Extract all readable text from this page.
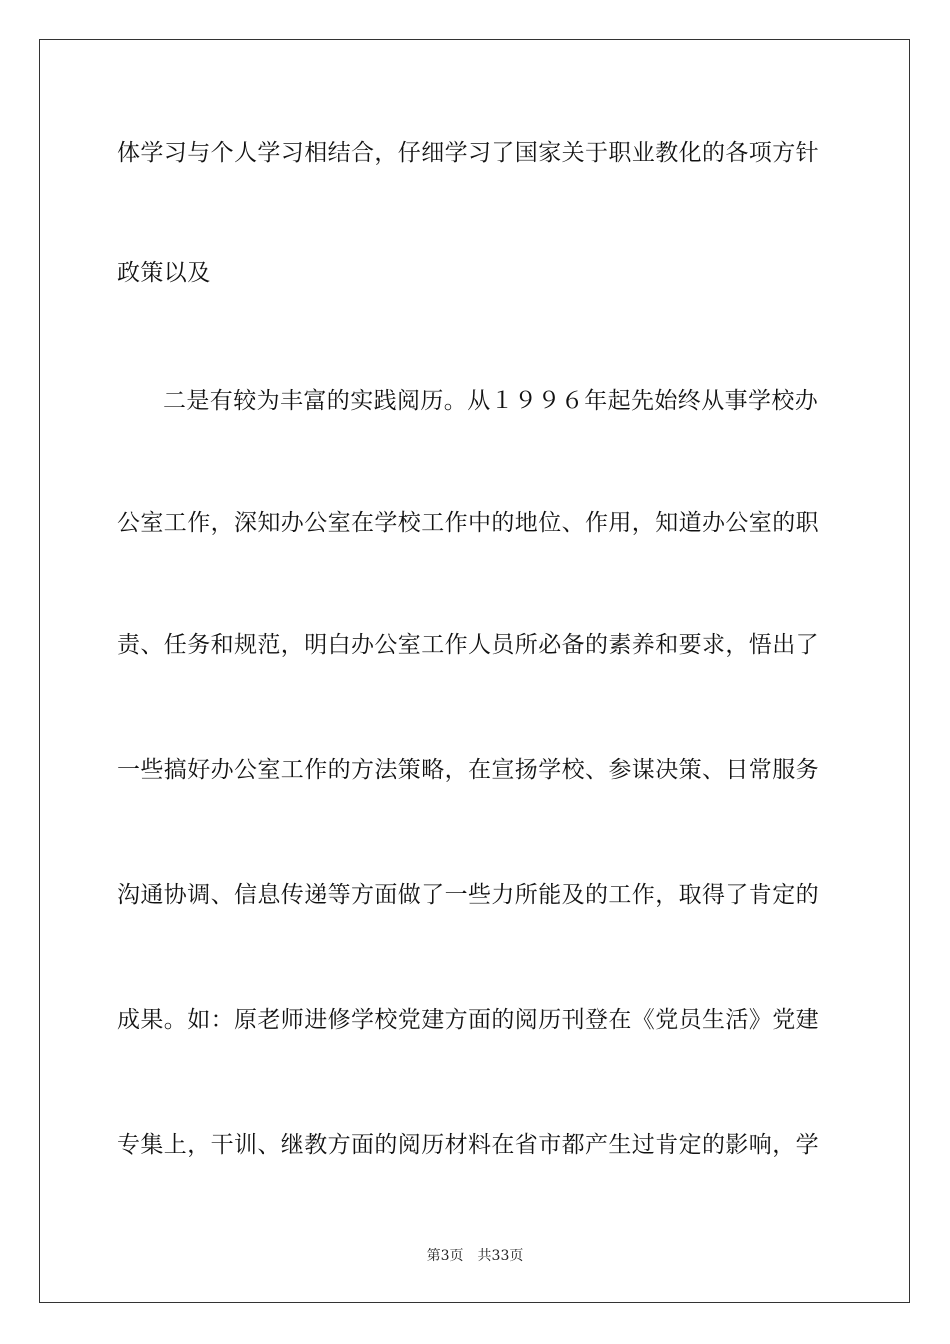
体学习与个人学习相结合，仔细学习了国家关于职业教化的各项方针
政策以及
二是有较为丰富的实践阅历。从１９９６年起先始终从事学校办
公室工作，深知办公室在学校工作中的地位、作用，知道办公室的职
责、任务和规范，明白办公室工作人员所必备的素养和要求，悟出了
一些搞好办公室工作的方法策略，在宣扬学校、参谋决策、日常服务
沟通协调、信息传递等方面做了一些力所能及的工作，取得了肯定的
成果。如：原老师进修学校党建方面的阅历刊登在《党员生活》党建
专集上，干训、继教方面的阅历材料在省市都产生过肯定的影响，学
第3页 共33页
